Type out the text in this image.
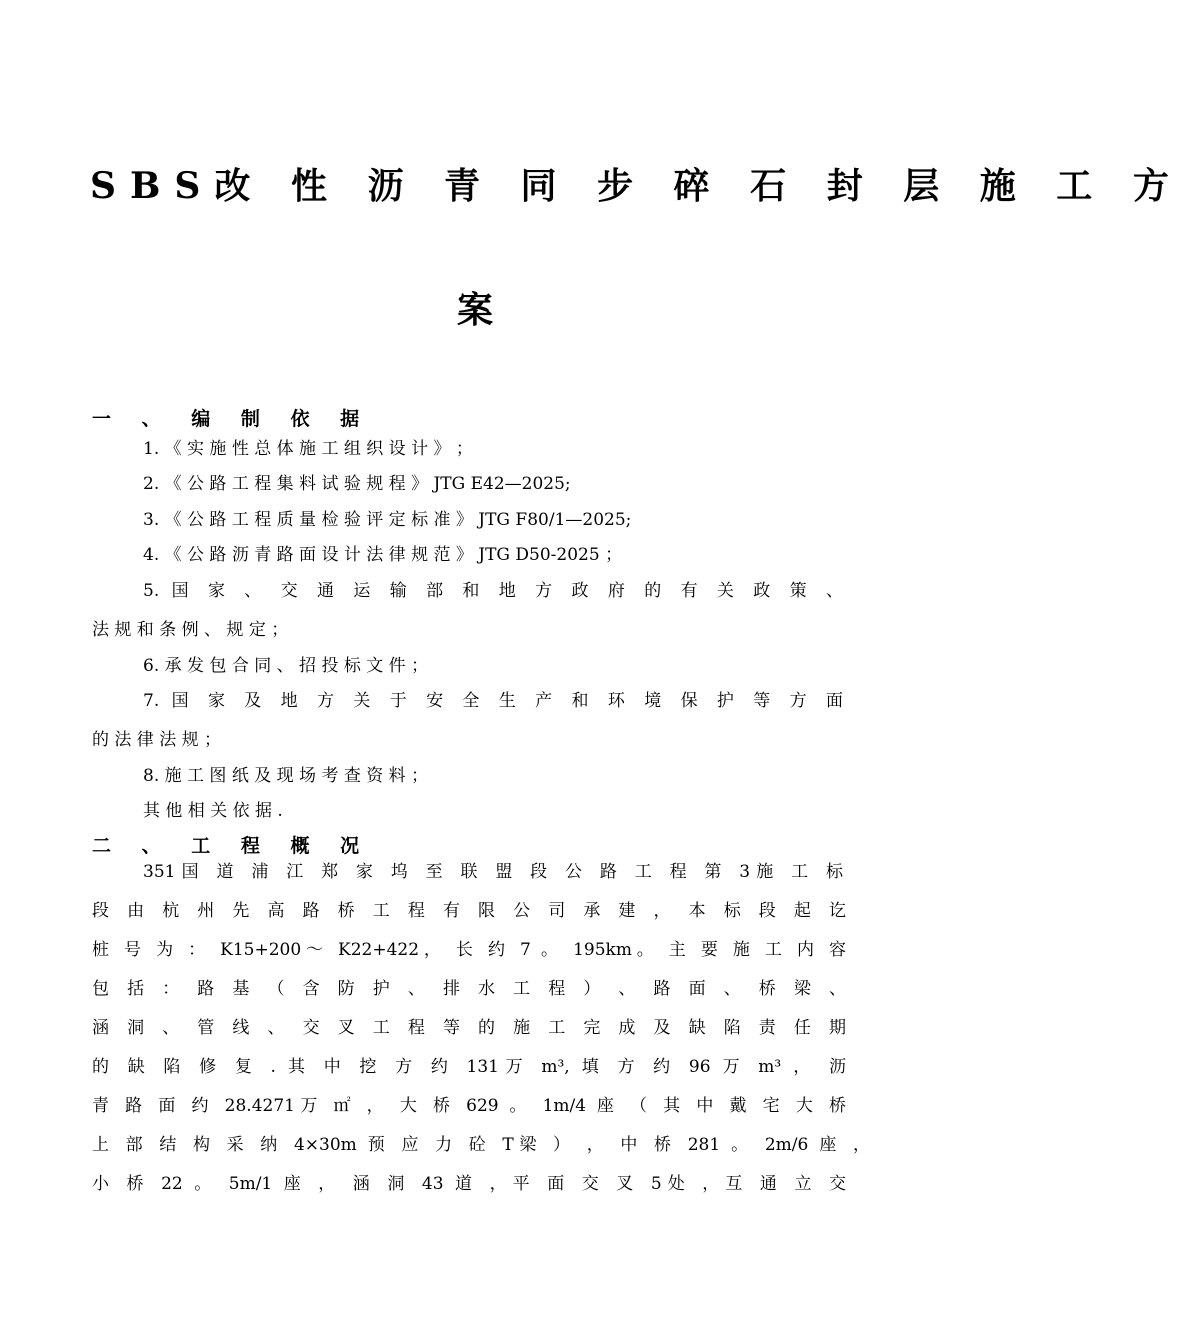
SBS改 性 沥 青 同 步 碎 石 封 层 施 工 方
案
一 、 编 制 依 据
1. 《 实 施 性 总 体 施 工 组 织 设 计 》 ；
2. 《 公 路 工 程 集 料 试 验 规 程 》 JTG E42—2025;
3. 《 公 路 工 程 质 量 检 验 评 定 标 准 》 JTG F80/1—2025;
4. 《 公 路 沥 青 路 面 设 计 法 律 规 范 》 JTG D50-2025 ；
5. 国 家 、 交 通 运 输 部 和 地 方 政 府 的 有 关 政 策 、
法 规 和 条 例 、 规 定 ；
6. 承 发 包 合 同 、 招 投 标 文 件 ；
7. 国 家 及 地 方 关 于 安 全 生 产 和 环 境 保 护 等 方 面
的 法 律 法 规 ；
8. 施 工 图 纸 及 现 场 考 查 资 料 ；
其 他 相 关 依 据 .
二 、 工 程 概 况
351国 道 浦 江 郑 家 坞 至 联 盟 段 公 路 工 程 第 3施 工 标
段 由 杭 州 先 高 路 桥 工 程 有 限 公 司 承 建 ， 本 标 段 起 讫
桩 号 为 ： K15+200～ K22+422， 长 约 7 。 195km。 主 要 施 工 内 容
包 括 ： 路 基 （ 含 防 护 、 排 水 工 程 ） 、 路 面 、 桥 梁 、
涵 洞 、 管 线 、 交 叉 工 程 等 的 施 工 完 成 及 缺 陷 责 任 期
的 缺 陷 修 复 . 其 中 挖 方 约 131万 m³, 填 方 约 96 万 m³ ， 沥
青 路 面 约 28.4271万 ㎡ ， 大 桥 629 。 1m/4 座 （ 其 中 戴 宅 大 桥
上 部 结 构 采 纳 4×30m 预 应 力 砼 T梁 ） ， 中 桥 281 。 2m/6 座 ，
小 桥 22 。 5m/1 座 ， 涵 洞 43 道 ，平 面 交 叉 5处 ，互 通 立 交
